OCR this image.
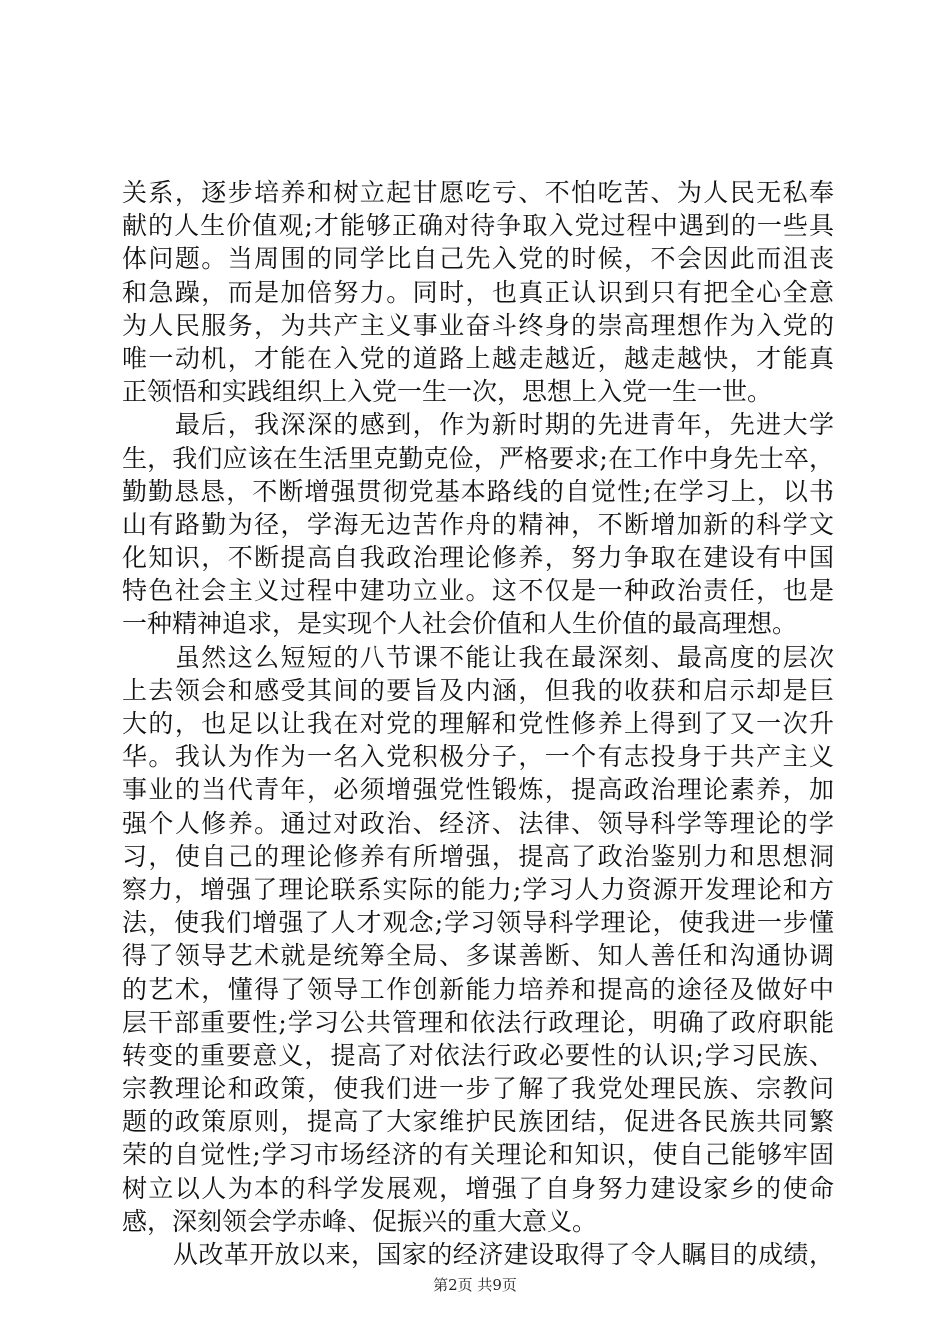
关系，逐步培养和树立起甘愿吃亏、不怕吃苦、为人民无私奉
献的人生价值观;才能够正确对待争取入党过程中遇到的一些具
体问题。当周围的同学比自己先入党的时候，不会因此而沮丧
和急躁，而是加倍努力。同时，也真正认识到只有把全心全意
为人民服务，为共产主义事业奋斗终身的崇高理想作为入党的
唯一动机，才能在入党的道路上越走越近，越走越快，才能真
正领悟和实践组织上入党一生一次，思想上入党一生一世。
　　最后，我深深的感到，作为新时期的先进青年，先进大学
生，我们应该在生活里克勤克俭，严格要求;在工作中身先士卒，
勤勤恳恳，不断增强贯彻党基本路线的自觉性;在学习上，以书
山有路勤为径，学海无边苦作舟的精神，不断增加新的科学文
化知识，不断提高自我政治理论修养，努力争取在建设有中国
特色社会主义过程中建功立业。这不仅是一种政治责任，也是
一种精神追求，是实现个人社会价值和人生价值的最高理想。
　　虽然这么短短的八节课不能让我在最深刻、最高度的层次
上去领会和感受其间的要旨及内涵，但我的收获和启示却是巨
大的，也足以让我在对党的理解和党性修养上得到了又一次升
华。我认为作为一名入党积极分子，一个有志投身于共产主义
事业的当代青年，必须增强党性锻炼，提高政治理论素养，加
强个人修养。通过对政治、经济、法律、领导科学等理论的学
习，使自己的理论修养有所增强，提高了政治鉴别力和思想洞
察力，增强了理论联系实际的能力;学习人力资源开发理论和方
法，使我们增强了人才观念;学习领导科学理论，使我进一步懂
得了领导艺术就是统筹全局、多谋善断、知人善任和沟通协调
的艺术，懂得了领导工作创新能力培养和提高的途径及做好中
层干部重要性;学习公共管理和依法行政理论，明确了政府职能
转变的重要意义，提高了对依法行政必要性的认识;学习民族、
宗教理论和政策，使我们进一步了解了我党处理民族、宗教问
题的政策原则，提高了大家维护民族团结，促进各民族共同繁
荣的自觉性;学习市场经济的有关理论和知识，使自己能够牢固
树立以人为本的科学发展观，增强了自身努力建设家乡的使命
感，深刻领会学赤峰、促振兴的重大意义。
　　从改革开放以来，国家的经济建设取得了令人瞩目的成绩，
第2页 共9页
